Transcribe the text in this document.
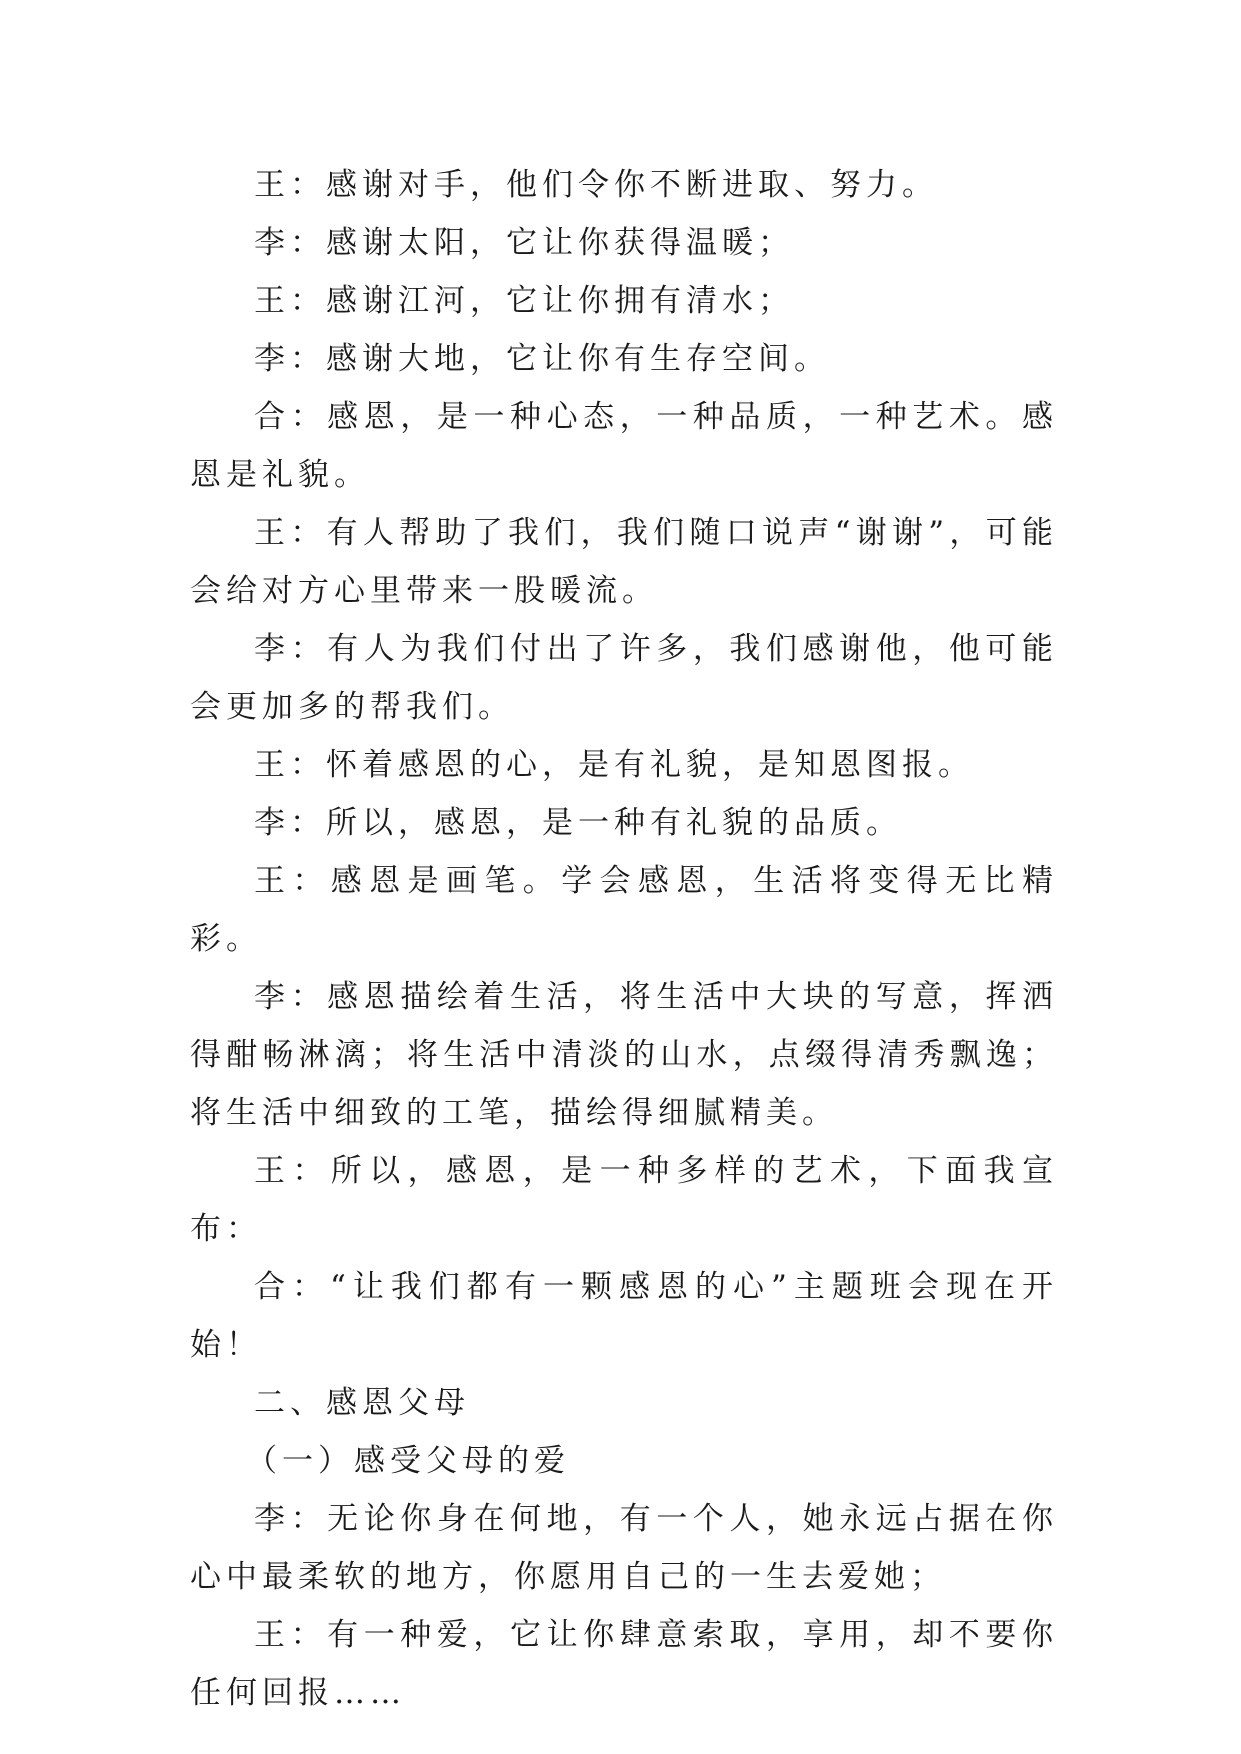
王：感谢对手，他们令你不断进取、努力。

李：感谢太阳，它让你获得温暖；

王：感谢江河，它让你拥有清水；

李：感谢大地，它让你有生存空间。

合：感恩，是一种心态，一种品质，一种艺术。感恩是礼貌。

王：有人帮助了我们，我们随口说声“谢谢”，可能会给对方心里带来一股暖流。

李：有人为我们付出了许多，我们感谢他，他可能会更加多的帮我们。

王：怀着感恩的心，是有礼貌，是知恩图报。

李：所以，感恩，是一种有礼貌的品质。

王：感恩是画笔。学会感恩，生活将变得无比精彩。

李：感恩描绘着生活，将生活中大块的写意，挥洒得酣畅淋漓；将生活中清淡的山水，点缀得清秀飘逸；将生活中细致的工笔，描绘得细腻精美。

王：所以，感恩，是一种多样的艺术，下面我宣布：

合：“让我们都有一颗感恩的心”主题班会现在开始！

二、感恩父母

（一）感受父母的爱

李：无论你身在何地，有一个人，她永远占据在你心中最柔软的地方，你愿用自己的一生去爱她；

王：有一种爱，它让你肆意索取，享用，却不要你任何回报……
